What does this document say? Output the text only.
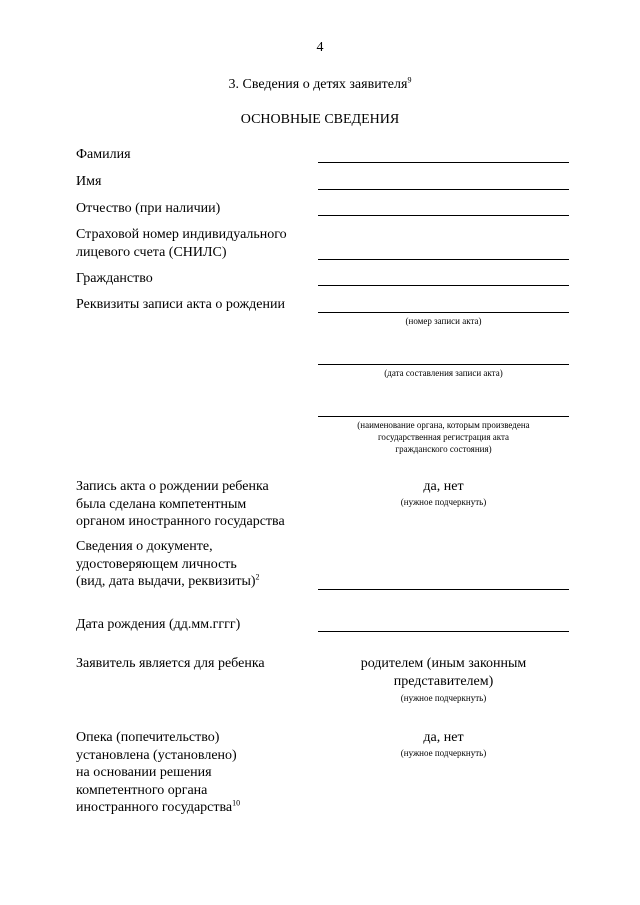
4
3. Сведения о детях заявителя$^9$
ОСНОВНЫЕ СВЕДЕНИЯ
Фамилия
Имя
Отчество (при наличии)
Страховой номер индивидуального
лицевого счета (СНИЛС)
Гражданство
Реквизиты записи акта о рождении
(номер записи акта)
(дата составления записи акта)
(наименование органа, которым произведена
государственная регистрация акта
гражданского состояния)
Запись акта о рождении ребенка
была сделана компетентным
органом иностранного государства
да, нет
(нужное подчеркнуть)
Сведения о документе,
удостоверяющем личность
(вид, дата выдачи, реквизиты)$^2$
Дата рождения (дд.мм.гггг)
Заявитель является для ребенка	родителем (иным законным
представителем)
(нужное подчеркнуть)
Опека (попечительство)
установлена (установлено)
на основании решения
компетентного органа
иностранного государства$^{10}$
да, нет
(нужное подчеркнуть)
